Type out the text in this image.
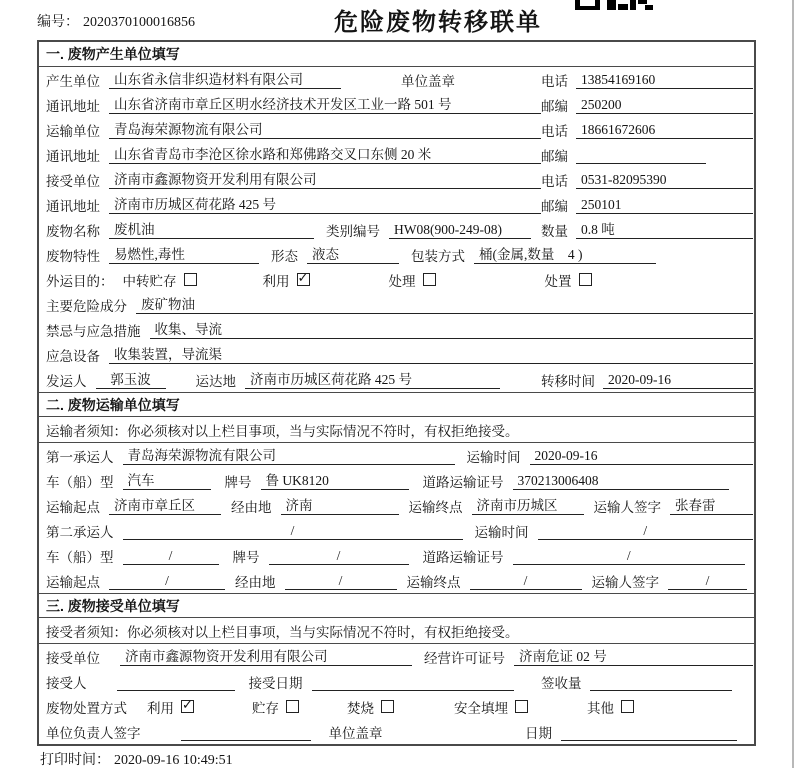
编号： 2020370100016856	危险废物转移联单
一. 废物产生单位填写
产生单位	山东省永信非织造材料有限公司	单位盖章	电话 13854169160
通讯地址	山东省济南市章丘区明水经济技术开发区工业一路 501 号	邮编 250200
运输单位	青岛海荣源物流有限公司	电话 18661672606
通讯地址	山东省青岛市李沧区徐水路和郑佛路交叉口东侧 20 米	邮编
接受单位	济南市鑫源物资开发利用有限公司	电话 0531-82095390
通讯地址	济南市历城区荷花路 425 号	邮编 250101
废物名称	废机油	类别编号	HW08(900-249-08)	数量 0.8 吨
废物特性	易燃性,毒性	形态	液态	包装方式	桶(金属,数量　4 )
外运目的： 中转贮存	利用 ✓	处理	处置
主要危险成分	废矿物油
禁忌与应急措施	收集、导流
应急设备	收集装置，导流渠
发运人	郭玉波	运达地	济南市历城区荷花路 425 号	转移时间 2020-09-16
二. 废物运输单位填写
运输者须知：你必须核对以上栏目事项，当与实际情况不符时，有权拒绝接受。
第一承运人	青岛海荣源物流有限公司	运输时间	2020-09-16
车（船）型	汽车	牌号	鲁 UK8120	道路运输证号	370213006408
运输起点	济南市章丘区	经由地	济南	运输终点	济南市历城区	运输人签字	张春雷
第二承运人	/	运输时间	/
车（船）型	/	牌号	/	道路运输证号	/
运输起点	/	经由地	/	运输终点	/	运输人签字	/
三. 废物接受单位填写
接受者须知：你必须核对以上栏目事项，当与实际情况不符时，有权拒绝接受。
接受单位	济南市鑫源物资开发利用有限公司	经营许可证号	济南危证 02 号
接受人	接受日期	签收量
废物处置方式	利用 ✓	贮存	焚烧	安全填埋	其他
单位负责人签字	单位盖章	日期
打印时间： 2020-09-16 10:49:51
